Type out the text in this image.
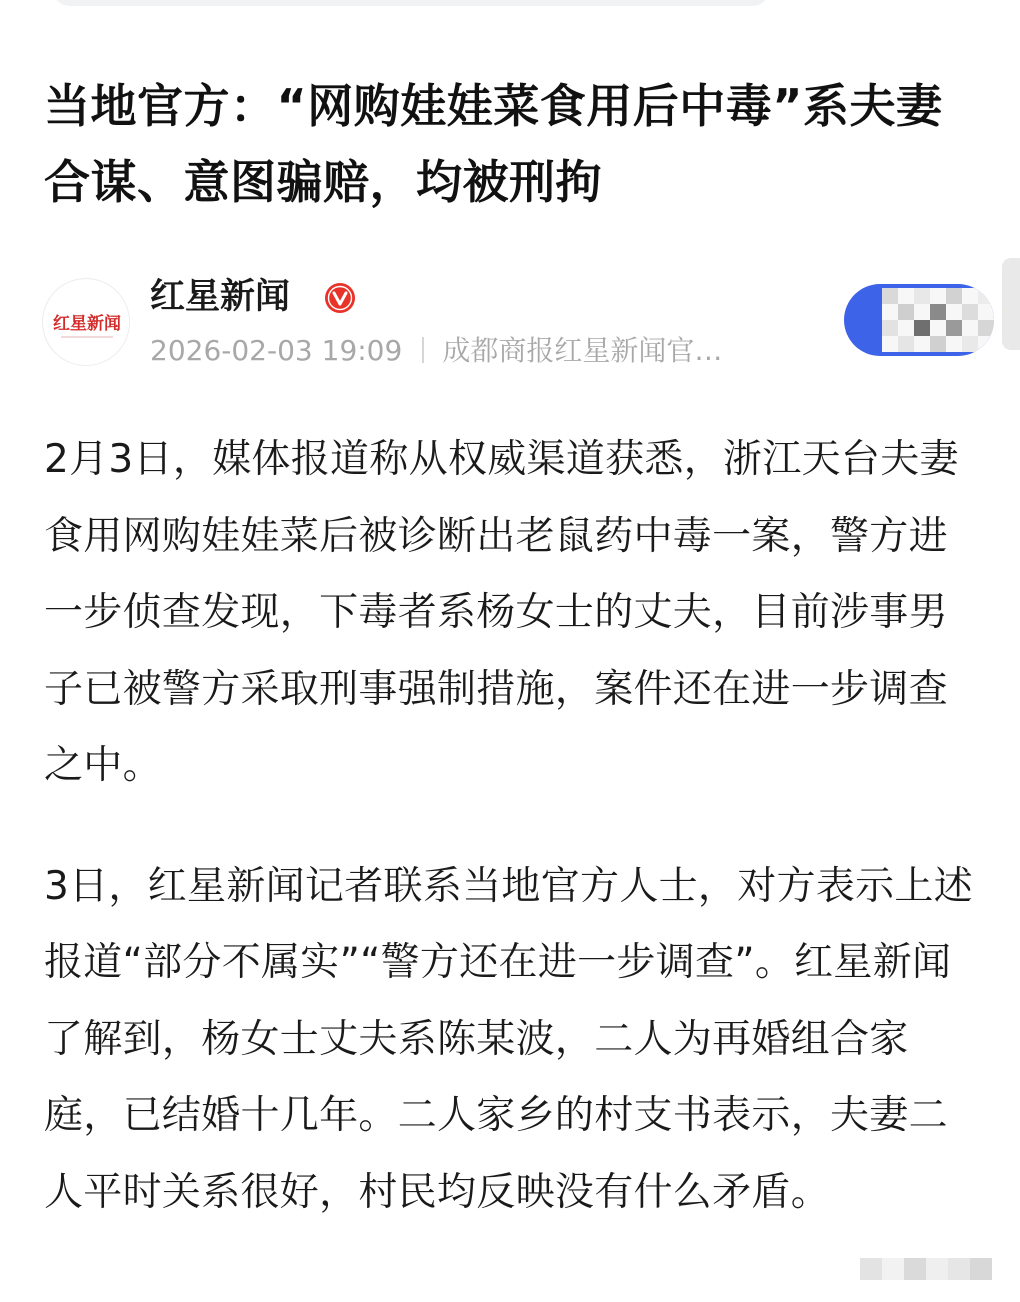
当地官方：“网购娃娃菜食用后中毒”系夫妻合谋、意图骗赔，均被刑拘
红星新闻
红星新闻
2026-02-03 19:09 成都商报红星新闻官…

2月3日，媒体报道称从权威渠道获悉，浙江天台夫妻食用网购娃娃菜后被诊断出老鼠药中毒一案，警方进一步侦查发现，下毒者系杨女士的丈夫，目前涉事男子已被警方采取刑事强制措施，案件还在进一步调查之中。

3日，红星新闻记者联系当地官方人士，对方表示上述报道“部分不属实”“警方还在进一步调查”。红星新闻了解到，杨女士丈夫系陈某波，二人为再婚组合家庭，已结婚十几年。二人家乡的村支书表示，夫妻二人平时关系很好，村民均反映没有什么矛盾。
